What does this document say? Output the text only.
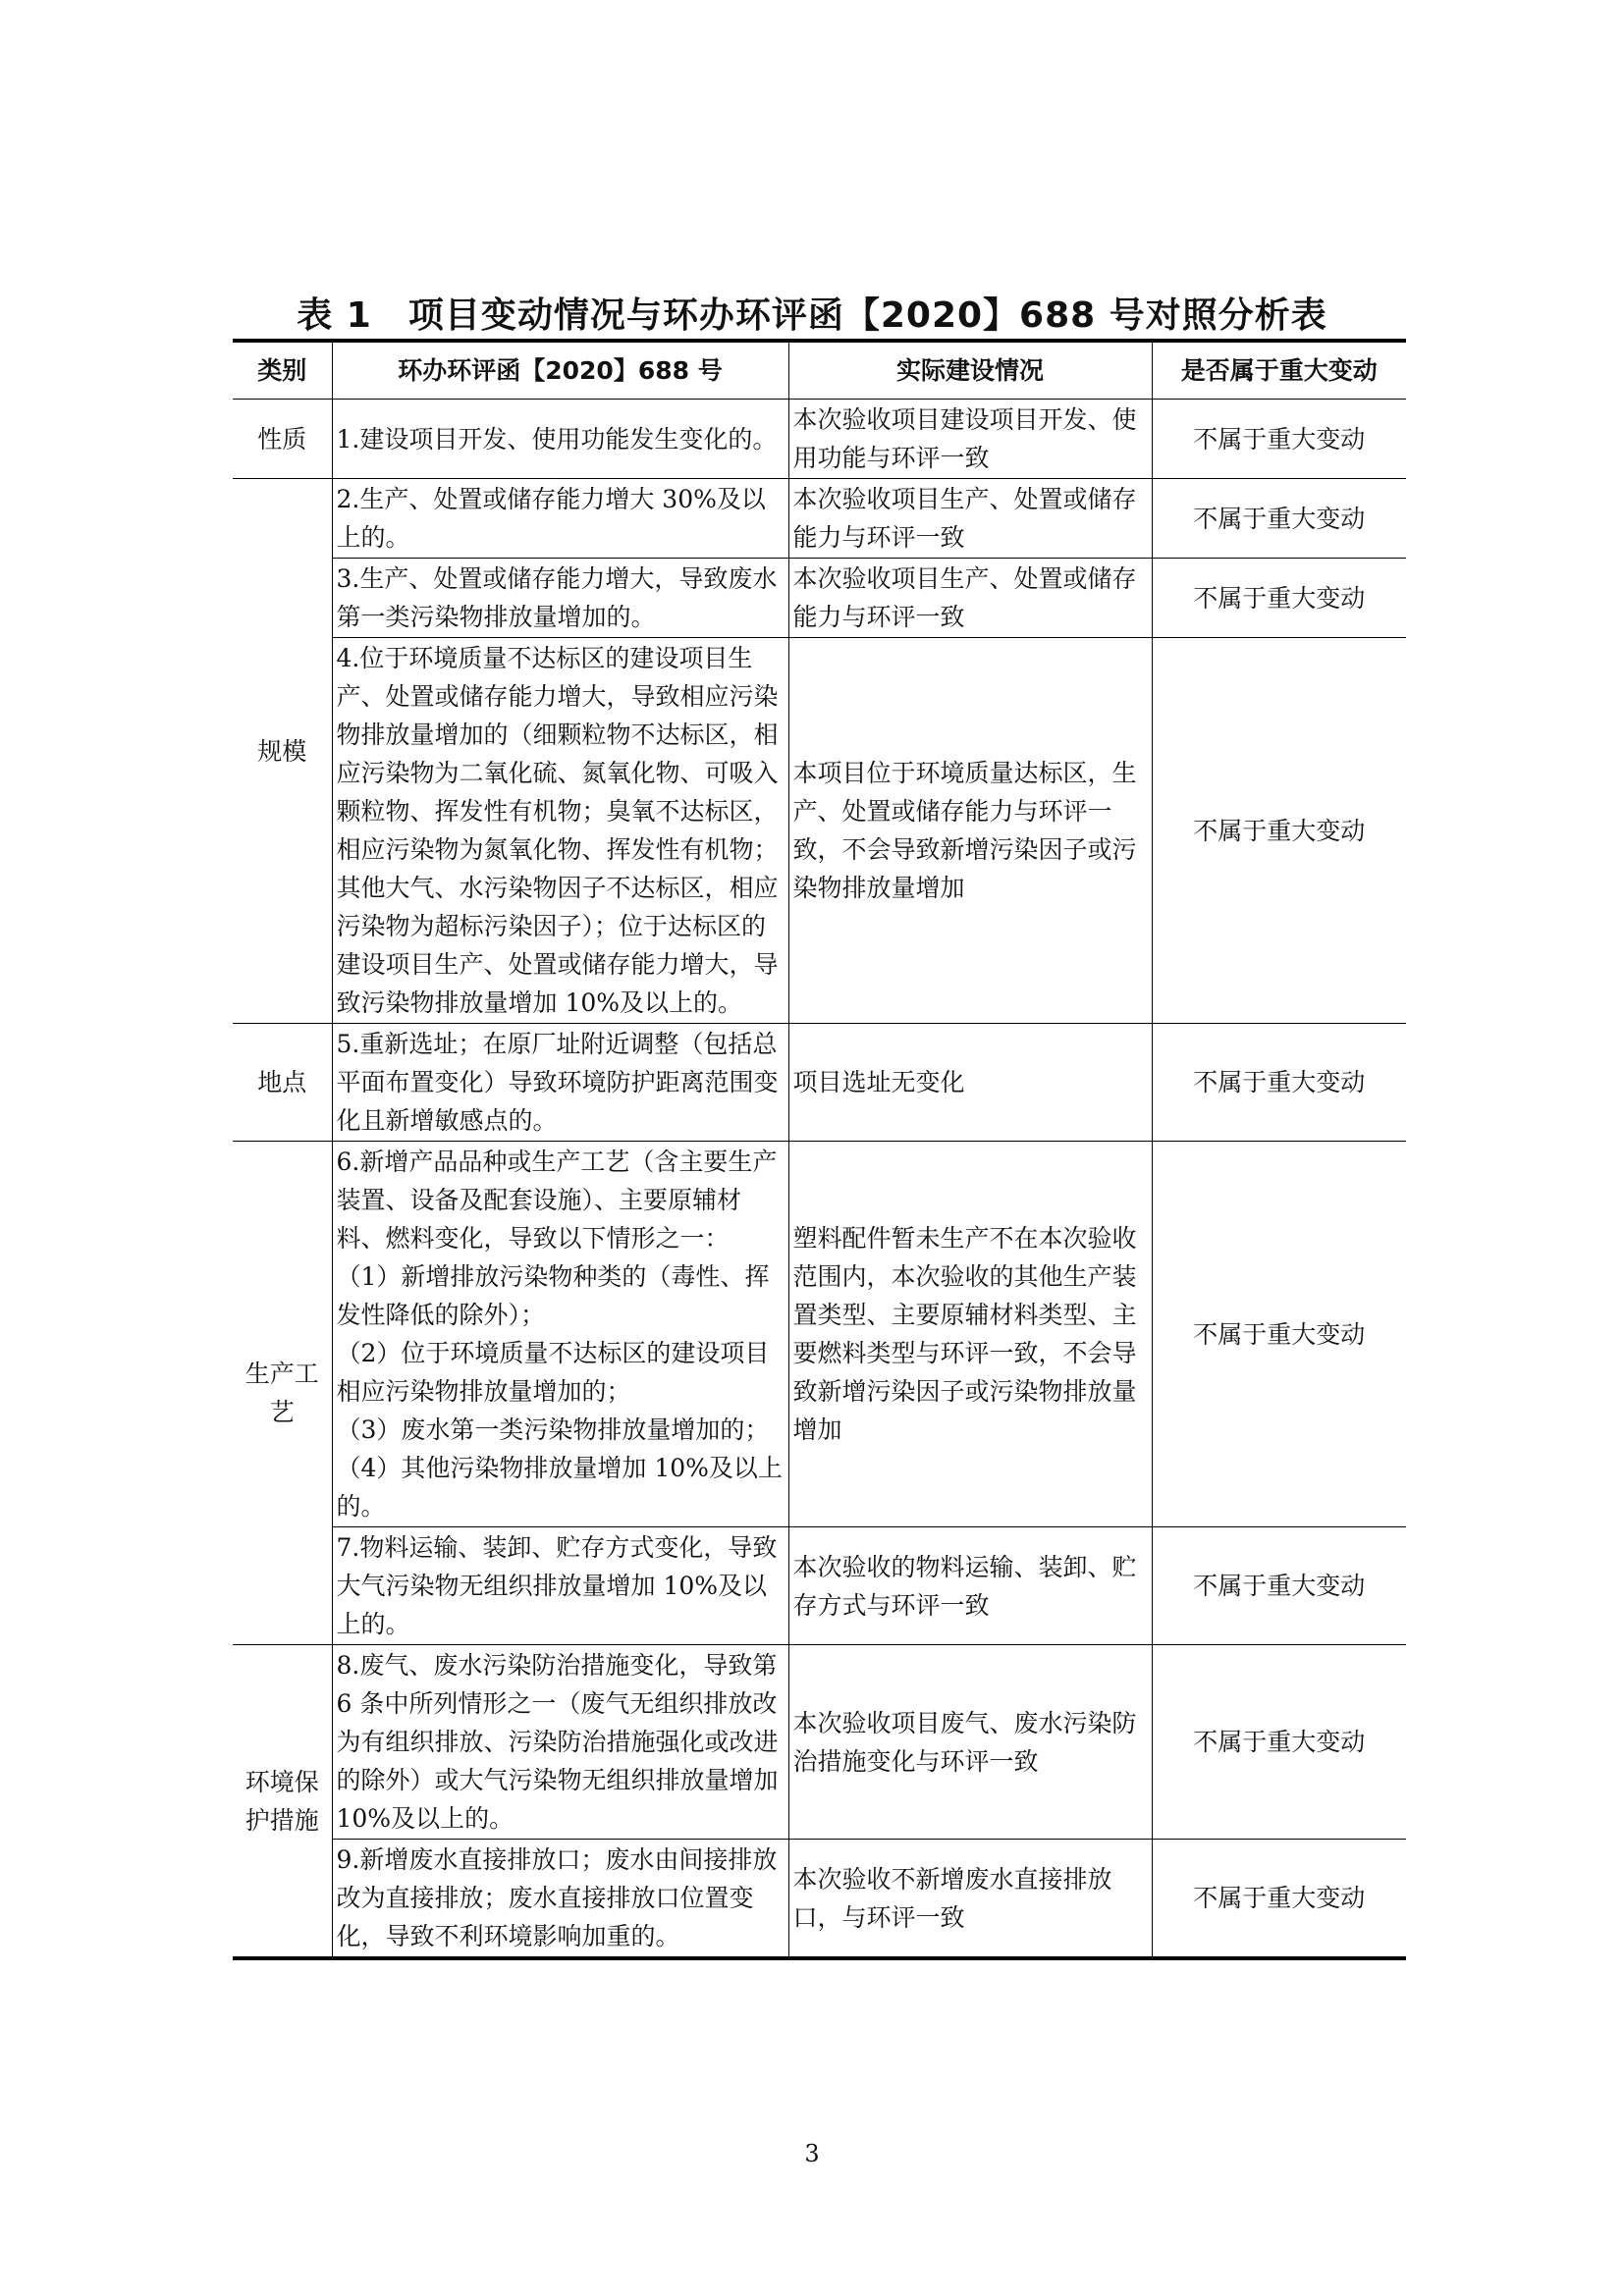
表 1　项目变动情况与环办环评函【2020】688 号对照分析表
类别	环办环评函【2020】688 号	实际建设情况	是否属于重大变动
性质	1.建设项目开发、使用功能发生变化的。	本次验收项目建设项目开发、使用功能与环评一致	不属于重大变动
规模	2.生产、处置或储存能力增大 30%及以上的。	本次验收项目生产、处置或储存能力与环评一致	不属于重大变动
	3.生产、处置或储存能力增大，导致废水第一类污染物排放量增加的。	本次验收项目生产、处置或储存能力与环评一致	不属于重大变动
	4.位于环境质量不达标区的建设项目生产、处置或储存能力增大，导致相应污染物排放量增加的（细颗粒物不达标区，相应污染物为二氧化硫、氮氧化物、可吸入颗粒物、挥发性有机物；臭氧不达标区，相应污染物为氮氧化物、挥发性有机物；其他大气、水污染物因子不达标区，相应污染物为超标污染因子）；位于达标区的建设项目生产、处置或储存能力增大，导致污染物排放量增加 10%及以上的。	本项目位于环境质量达标区，生产、处置或储存能力与环评一致，不会导致新增污染因子或污染物排放量增加	不属于重大变动
地点	5.重新选址；在原厂址附近调整（包括总平面布置变化）导致环境防护距离范围变化且新增敏感点的。	项目选址无变化	不属于重大变动
生产工艺	6.新增产品品种或生产工艺（含主要生产装置、设备及配套设施）、主要原辅材料、燃料变化，导致以下情形之一：
（1）新增排放污染物种类的（毒性、挥发性降低的除外）；
（2）位于环境质量不达标区的建设项目相应污染物排放量增加的；
（3）废水第一类污染物排放量增加的；
（4）其他污染物排放量增加 10%及以上的。	塑料配件暂未生产不在本次验收范围内，本次验收的其他生产装置类型、主要原辅材料类型、主要燃料类型与环评一致，不会导致新增污染因子或污染物排放量增加	不属于重大变动
	7.物料运输、装卸、贮存方式变化，导致大气污染物无组织排放量增加 10%及以上的。	本次验收的物料运输、装卸、贮存方式与环评一致	不属于重大变动
环境保护措施	8.废气、废水污染防治措施变化，导致第 6 条中所列情形之一（废气无组织排放改为有组织排放、污染防治措施强化或改进的除外）或大气污染物无组织排放量增加 10%及以上的。	本次验收项目废气、废水污染防治措施变化与环评一致	不属于重大变动
	9.新增废水直接排放口；废水由间接排放改为直接排放；废水直接排放口位置变化，导致不利环境影响加重的。	本次验收不新增废水直接排放口，与环评一致	不属于重大变动
3
